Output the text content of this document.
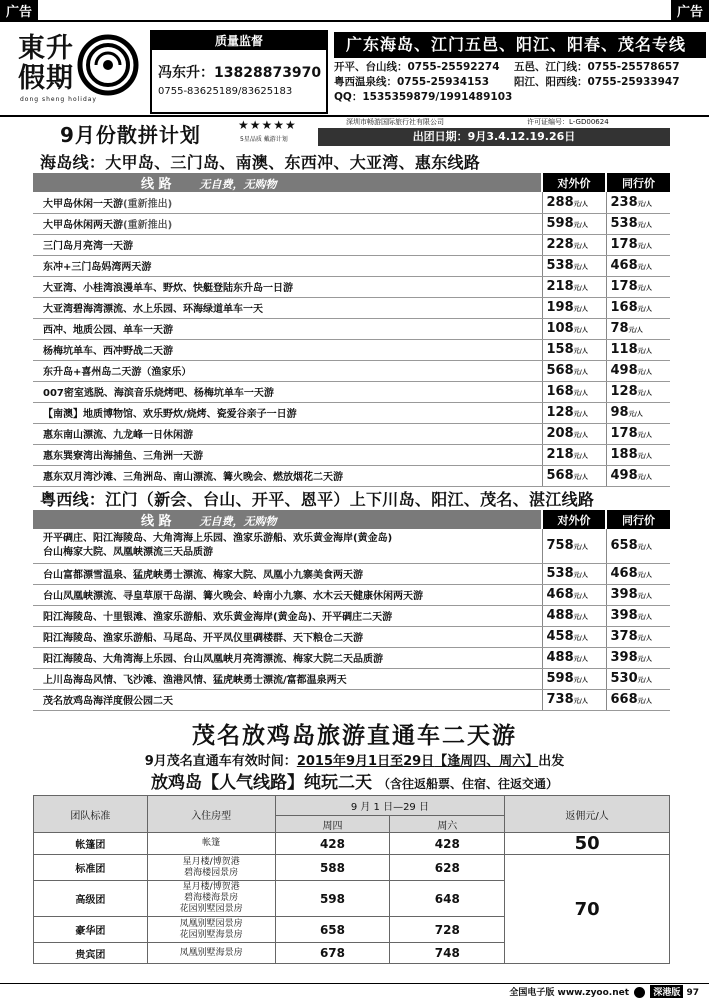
广告	广告
東升
假期
dong sheng holiday
质量监督
冯东升：13828873970
0755-83625189/83625183
广东海岛、江门五邑、阳江、阳春、茂名专线
开平、台山线：0755-25592274	五邑、江门线：0755-25578657
粤西温泉线：0755-25934153	阳江、阳西线：0755-25933947
QQ：1535359879/1991489103
9月份散拼计划	★★★★★
5星品质 戴游计划
深圳市畅游国际旅行社有限公司	许可证编号：L-GD00624
出团日期：9月3.4.12.19.26日
海岛线：大甲岛、三门岛、南澳、东西冲、大亚湾、惠东线路
线 路 无自费，无购物	对外价	同行价
大甲岛休闲一天游(重新推出)	288元/人	238元/人
大甲岛休闲两天游(重新推出)	598元/人	538元/人
三门岛月亮湾一天游	228元/人	178元/人
东冲+三门岛妈湾两天游	538元/人	468元/人
大亚湾、小桂湾浪漫单车、野炊、快艇登陆东升岛一日游	218元/人	178元/人
大亚湾碧海湾漂流、水上乐园、环海绿道单车一天	198元/人	168元/人
西冲、地质公园、单车一天游	108元/人	78元/人
杨梅坑单车、西冲野战二天游	158元/人	118元/人
东升岛+喜州岛二天游（渔家乐）	568元/人	498元/人
007密室逃脱、海滨音乐烧烤吧、杨梅坑单车一天游	168元/人	128元/人
【南澳】地质博物馆、欢乐野炊/烧烤、瓷爱谷亲子一日游	128元/人	98元/人
惠东南山漂流、九龙峰一日休闲游	208元/人	178元/人
惠东巽寮湾出海捕鱼、三角洲一天游	218元/人	188元/人
惠东双月湾沙滩、三角洲岛、南山漂流、篝火晚会、燃放烟花二天游	568元/人	498元/人
粤西线：江门（新会、台山、开平、恩平）上下川岛、阳江、茂名、湛江线路
线 路 无自费，无购物	对外价	同行价
开平碉庄、阳江海陵岛、大角湾海上乐园、渔家乐游船、欢乐黄金海岸(黄金岛)
台山梅家大院、凤凰峡漂流三天品质游	758元/人	658元/人
台山富都漂雪温泉、猛虎峡勇士漂流、梅家大院、凤凰小九寨美食两天游	538元/人	468元/人
台山凤凰峡漂流、寻皇草原干岛湖、篝火晚会、岭南小九寨、水木云天健康休闲两天游	468元/人	398元/人
阳江海陵岛、十里银滩、渔家乐游船、欢乐黄金海岸(黄金岛)、开平碉庄二天游	488元/人	398元/人
阳江海陵岛、渔家乐游船、马尾岛、开平凤仪里碉楼群、天下粮仓二天游	458元/人	378元/人
阳江海陵岛、大角湾海上乐园、台山凤凰峡月亮湾漂流、梅家大院二天品质游	488元/人	398元/人
上川岛海岛风情、飞沙滩、渔港风情、猛虎峡勇士漂流/富都温泉两天	598元/人	530元/人
茂名放鸡岛海洋度假公园二天	738元/人	668元/人
茂名放鸡岛旅游直通车二天游
9月茂名直通车有效时间：2015年9月1日至29日【逢周四、周六】出发
放鸡岛【人气线路】纯玩二天 （含往返船票、住宿、往返交通）
团队标准	入住房型	9 月 1 日—29 日		返佣元/人
		周四	周六	
帐篷团	帐篷	428	428	50
标准团	星月楼/博贺港
碧海楼园景房	588	628	70
高级团	星月楼/博贺港
碧海楼海景房
花园别墅园景房	598	648	
豪华团	凤凰别墅园景房
花园别墅海景房	658	728	
贵宾团	凤凰别墅海景房	678	748	
全国电子版 www.zyoo.net	深港版 97
